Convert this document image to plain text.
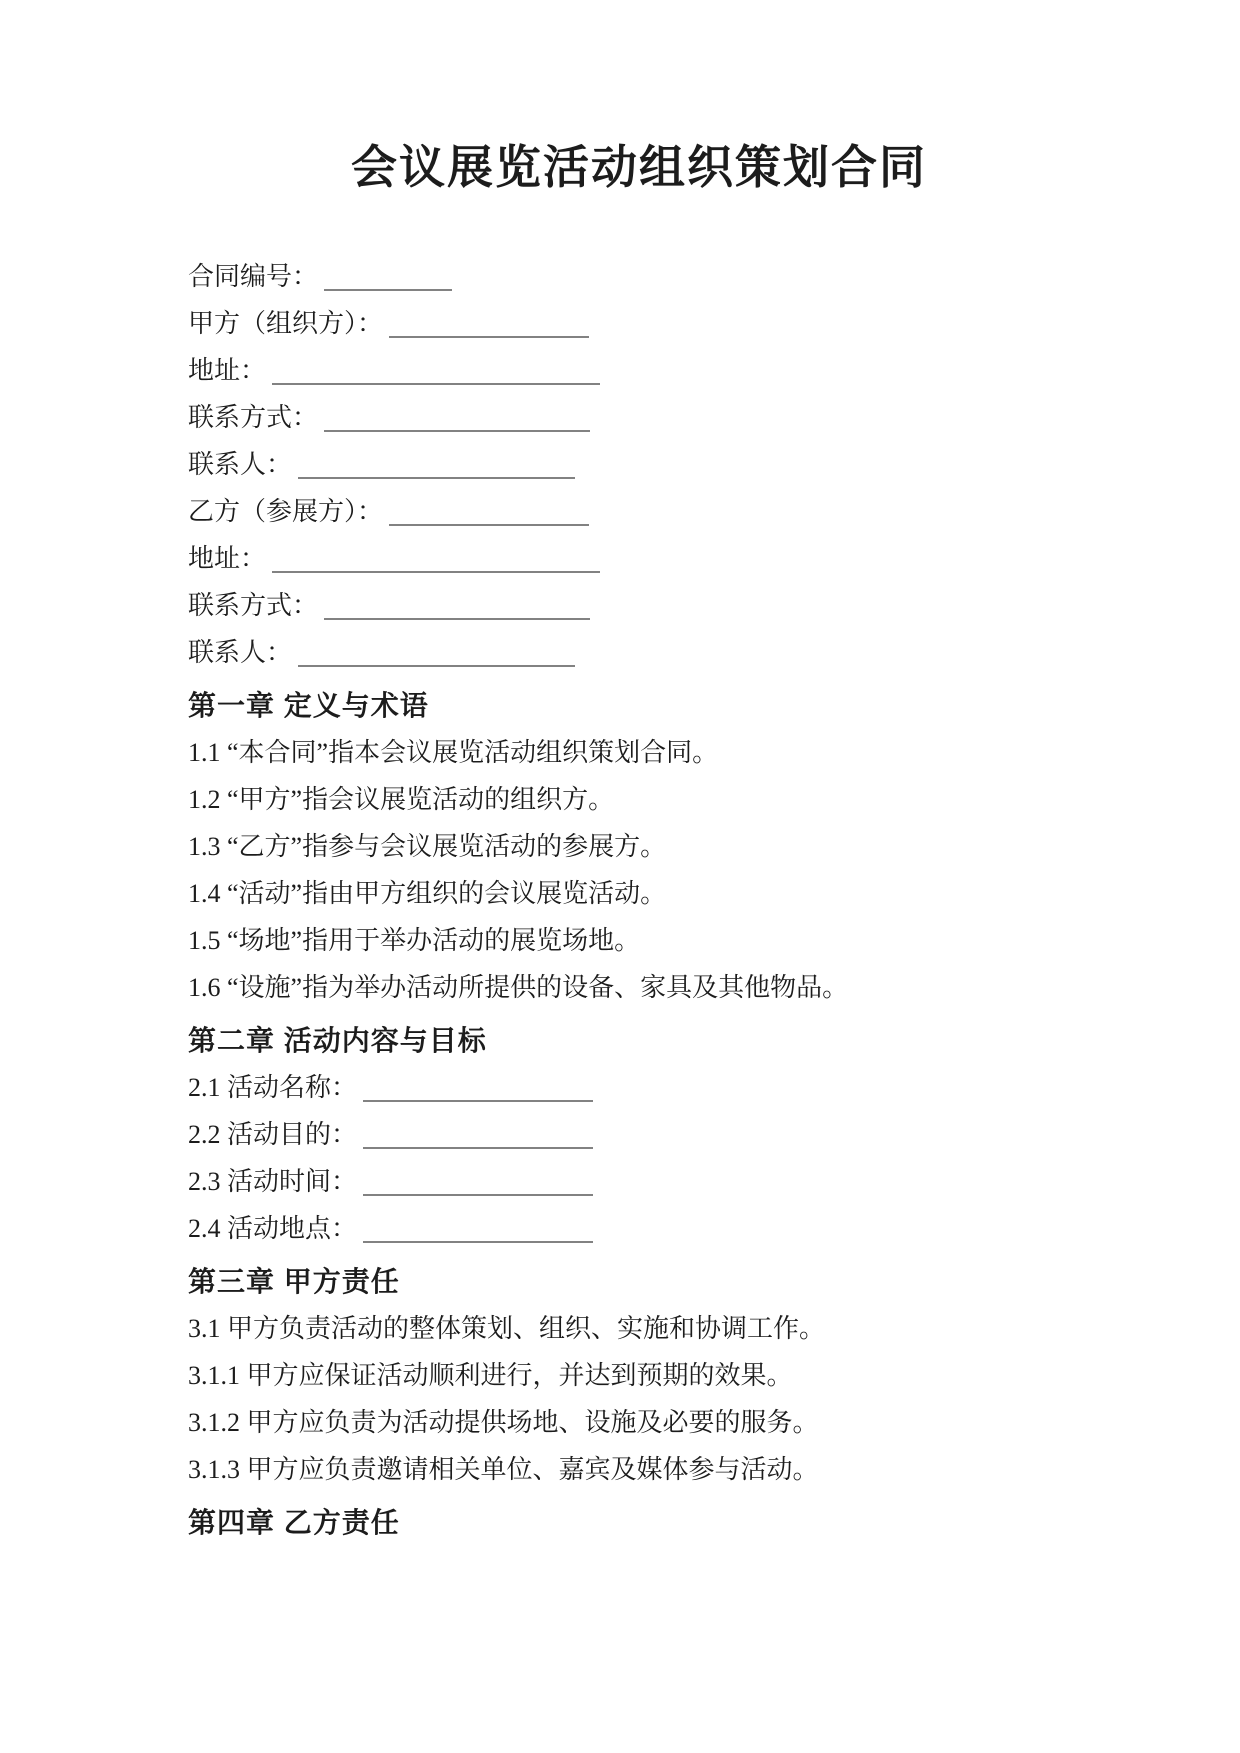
会议展览活动组织策划合同

合同编号：

甲方（组织方）：

地址：

联系方式：

联系人：

乙方（参展方）：

地址：

联系方式：

联系人：

第一章 定义与术语

1.1 “本合同”指本会议展览活动组织策划合同。

1.2 “甲方”指会议展览活动的组织方。

1.3 “乙方”指参与会议展览活动的参展方。

1.4 “活动”指由甲方组织的会议展览活动。

1.5 “场地”指用于举办活动的展览场地。

1.6 “设施”指为举办活动所提供的设备、家具及其他物品。

第二章 活动内容与目标

2.1 活动名称：

2.2 活动目的：

2.3 活动时间：

2.4 活动地点：

第三章 甲方责任

3.1 甲方负责活动的整体策划、组织、实施和协调工作。

3.1.1 甲方应保证活动顺利进行，并达到预期的效果。

3.1.2 甲方应负责为活动提供场地、设施及必要的服务。

3.1.3 甲方应负责邀请相关单位、嘉宾及媒体参与活动。

第四章 乙方责任
